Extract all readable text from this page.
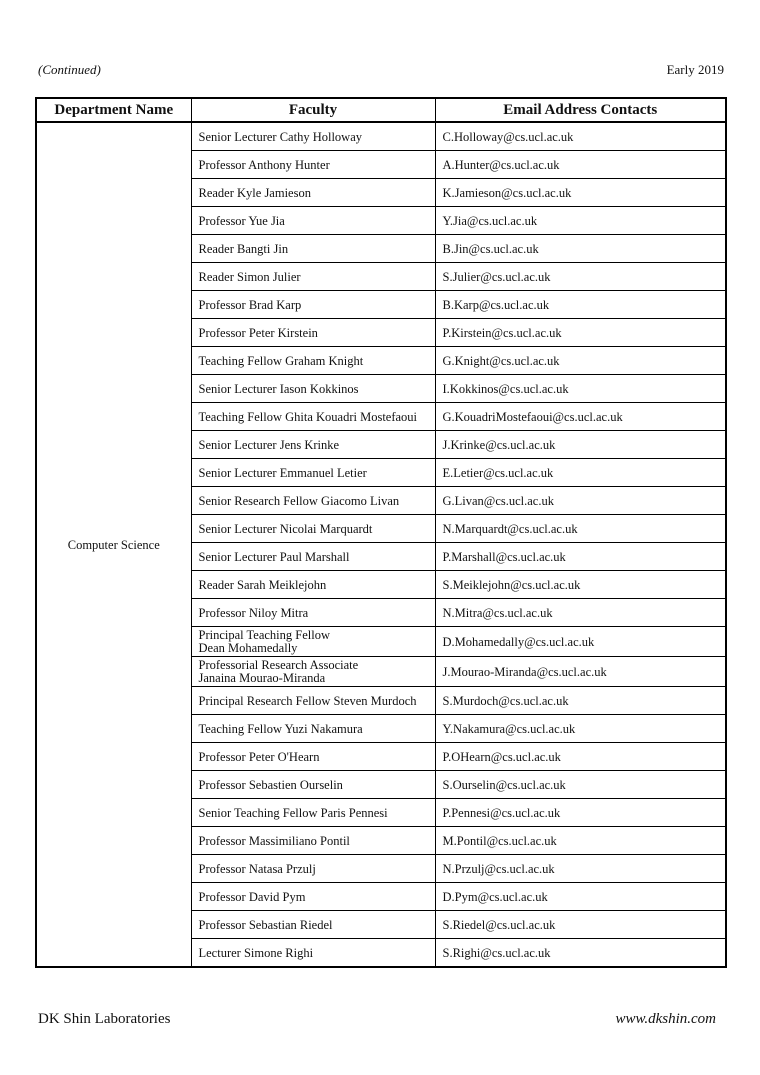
(Continued)	Early 2019
Department Name	Faculty	Email Address Contacts
Computer Science	Senior Lecturer Cathy Holloway	C.Holloway@cs.ucl.ac.uk
	Professor Anthony Hunter	A.Hunter@cs.ucl.ac.uk
	Reader Kyle Jamieson	K.Jamieson@cs.ucl.ac.uk
	Professor Yue Jia	Y.Jia@cs.ucl.ac.uk
	Reader Bangti Jin	B.Jin@cs.ucl.ac.uk
	Reader Simon Julier	S.Julier@cs.ucl.ac.uk
	Professor Brad Karp	B.Karp@cs.ucl.ac.uk
	Professor Peter Kirstein	P.Kirstein@cs.ucl.ac.uk
	Teaching Fellow Graham Knight	G.Knight@cs.ucl.ac.uk
	Senior Lecturer Iason Kokkinos	I.Kokkinos@cs.ucl.ac.uk
	Teaching Fellow Ghita Kouadri Mostefaoui	G.KouadriMostefaoui@cs.ucl.ac.uk
	Senior Lecturer Jens Krinke	J.Krinke@cs.ucl.ac.uk
	Senior Lecturer Emmanuel Letier	E.Letier@cs.ucl.ac.uk
	Senior Research Fellow Giacomo Livan	G.Livan@cs.ucl.ac.uk
	Senior Lecturer Nicolai Marquardt	N.Marquardt@cs.ucl.ac.uk
	Senior Lecturer Paul Marshall	P.Marshall@cs.ucl.ac.uk
	Reader Sarah Meiklejohn	S.Meiklejohn@cs.ucl.ac.uk
	Professor Niloy Mitra	N.Mitra@cs.ucl.ac.uk
	Principal Teaching Fellow
Dean Mohamedally	D.Mohamedally@cs.ucl.ac.uk
	Professorial Research Associate
Janaina Mourao-Miranda	J.Mourao-Miranda@cs.ucl.ac.uk
	Principal Research Fellow Steven Murdoch	S.Murdoch@cs.ucl.ac.uk
	Teaching Fellow Yuzi Nakamura	Y.Nakamura@cs.ucl.ac.uk
	Professor Peter O'Hearn	P.OHearn@cs.ucl.ac.uk
	Professor Sebastien Ourselin	S.Ourselin@cs.ucl.ac.uk
	Senior Teaching Fellow Paris Pennesi	P.Pennesi@cs.ucl.ac.uk
	Professor Massimiliano Pontil	M.Pontil@cs.ucl.ac.uk
	Professor Natasa Przulj	N.Przulj@cs.ucl.ac.uk
	Professor David Pym	D.Pym@cs.ucl.ac.uk
	Professor Sebastian Riedel	S.Riedel@cs.ucl.ac.uk
	Lecturer Simone Righi	S.Righi@cs.ucl.ac.uk
DK Shin Laboratories	www.dkshin.com
